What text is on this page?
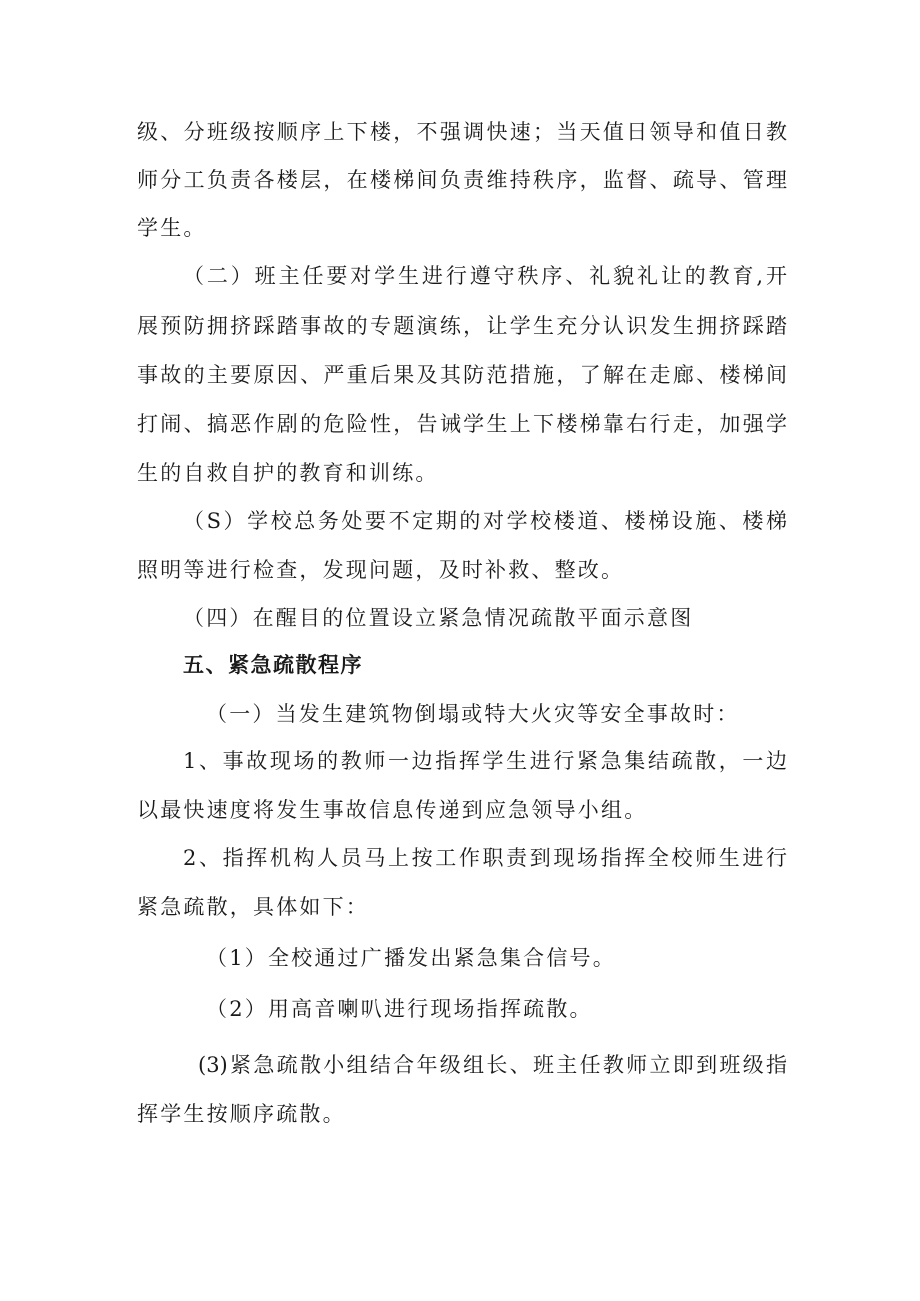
级、分班级按顺序上下楼，不强调快速；当天值日领导和值日教
师分工负责各楼层，在楼梯间负责维持秩序，监督、疏导、管理
学生。
（二）班主任要对学生进行遵守秩序、礼貌礼让的教育,开
展预防拥挤踩踏事故的专题演练，让学生充分认识发生拥挤踩踏
事故的主要原因、严重后果及其防范措施，了解在走廊、楼梯间
打闹、搞恶作剧的危险性，告诫学生上下楼梯靠右行走，加强学
生的自救自护的教育和训练。
（S）学校总务处要不定期的对学校楼道、楼梯设施、楼梯
照明等进行检查，发现问题，及时补救、整改。
（四）在醒目的位置设立紧急情况疏散平面示意图
五、紧急疏散程序
（一）当发生建筑物倒塌或特大火灾等安全事故时：
1、事故现场的教师一边指挥学生进行紧急集结疏散，一边
以最快速度将发生事故信息传递到应急领导小组。
2、指挥机构人员马上按工作职责到现场指挥全校师生进行
紧急疏散，具体如下：
（1）全校通过广播发出紧急集合信号。
（2）用高音喇叭进行现场指挥疏散。
(3)紧急疏散小组结合年级组长、班主任教师立即到班级指
挥学生按顺序疏散。
